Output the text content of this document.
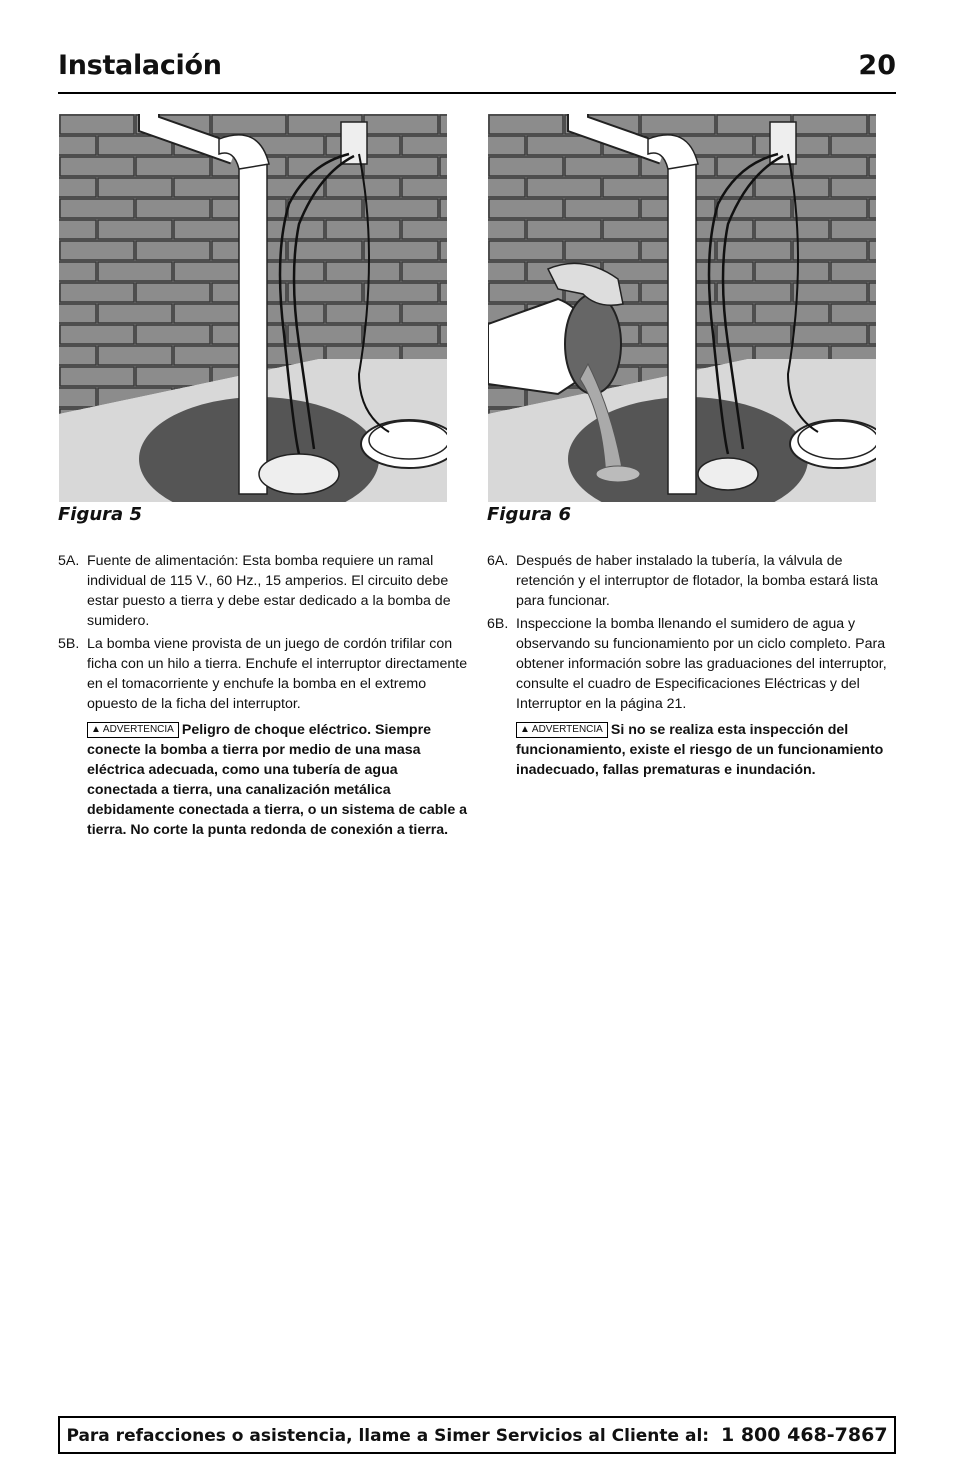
Instalación	20
Figura 5	Figura 6
5A. Fuente de alimentación: Esta bomba requiere un ramal individual de 115 V., 60 Hz., 15 amperios. El circuito debe estar puesto a tierra y debe estar dedicado a la bomba de sumidero.
5B. La bomba viene provista de un juego de cordón trifilar con ficha con un hilo a tierra. Enchufe el interruptor directamente en el tomacorriente y enchufe la bomba en el extremo opuesto de la ficha del interruptor.
▲ ADVERTENCIA Peligro de choque eléctrico. Siempre conecte la bomba a tierra por medio de una masa eléctrica adecuada, como una tubería de agua conectada a tierra, una canalización metálica debidamente conectada a tierra, o un sistema de cable a tierra. No corte la punta redonda de conexión a tierra.
6A. Después de haber instalado la tubería, la válvula de retención y el interruptor de flotador, la bomba estará lista para funcionar.
6B. Inspeccione la bomba llenando el sumidero de agua y observando su funcionamiento por un ciclo completo. Para obtener información sobre las graduaciones del interruptor, consulte el cuadro de Especificaciones Eléctricas y del Interruptor en la página 21.
▲ ADVERTENCIA Si no se realiza esta inspección del funcionamiento, existe el riesgo de un funcionamiento inadecuado, fallas prematuras e inundación.
Para refacciones o asistencia, llame a Simer Servicios al Cliente al: 1 800 468-7867
